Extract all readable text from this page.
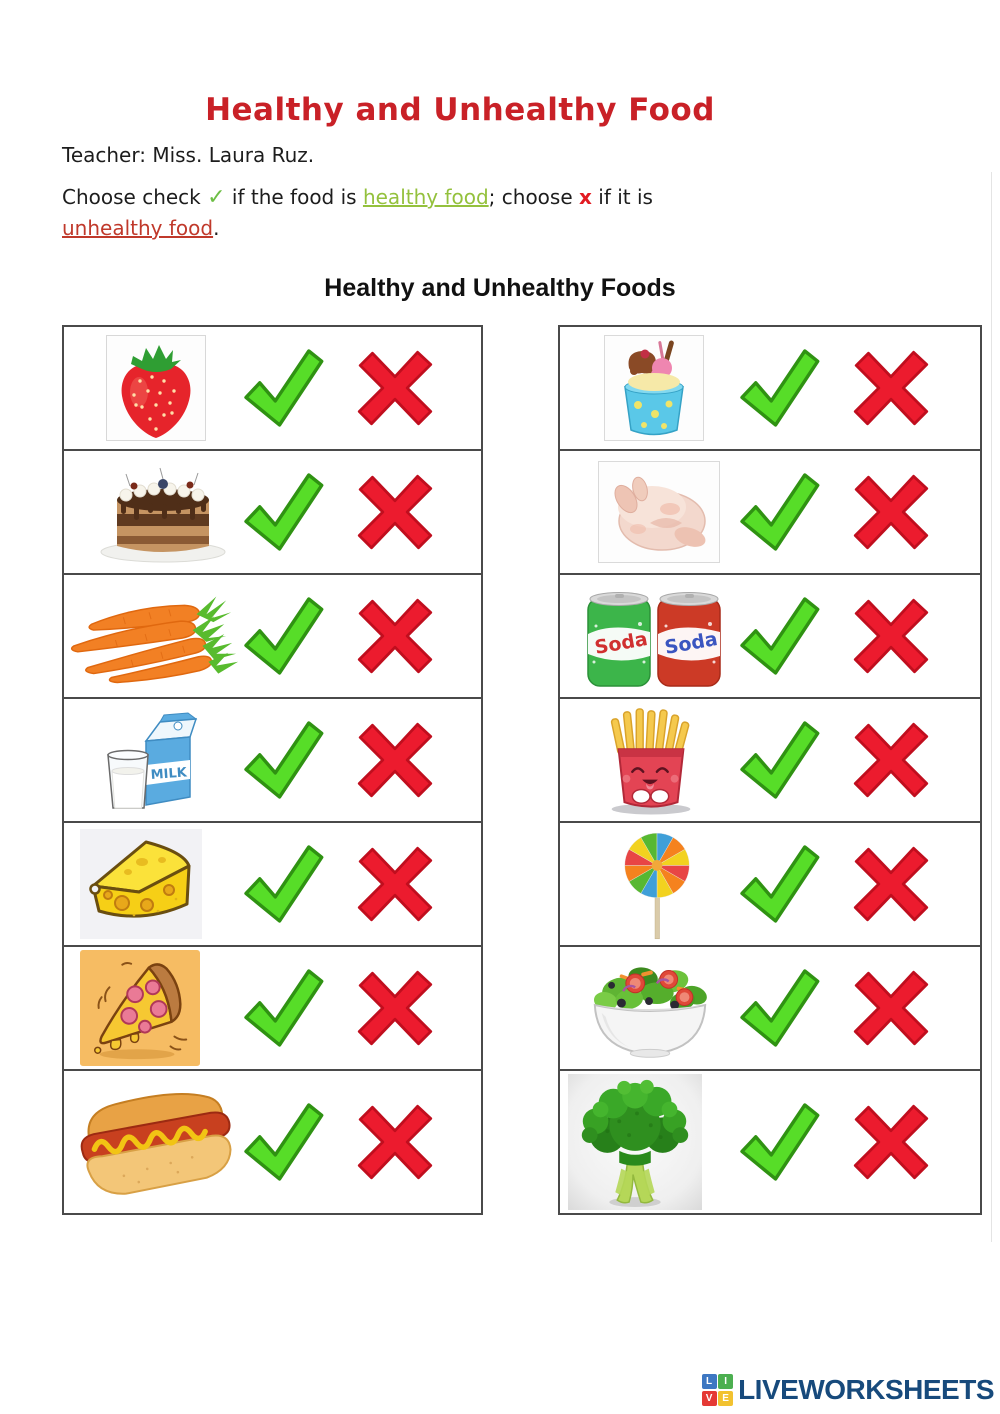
Healthy and Unhealthy Food
Teacher: Miss. Laura Ruz.
Choose check ✓ if the food is healthy food; choose x if it is
unhealthy food.
Healthy and Unhealthy Foods
MILK
Soda Soda
L	I
V E LIVEWORKSHEETS
